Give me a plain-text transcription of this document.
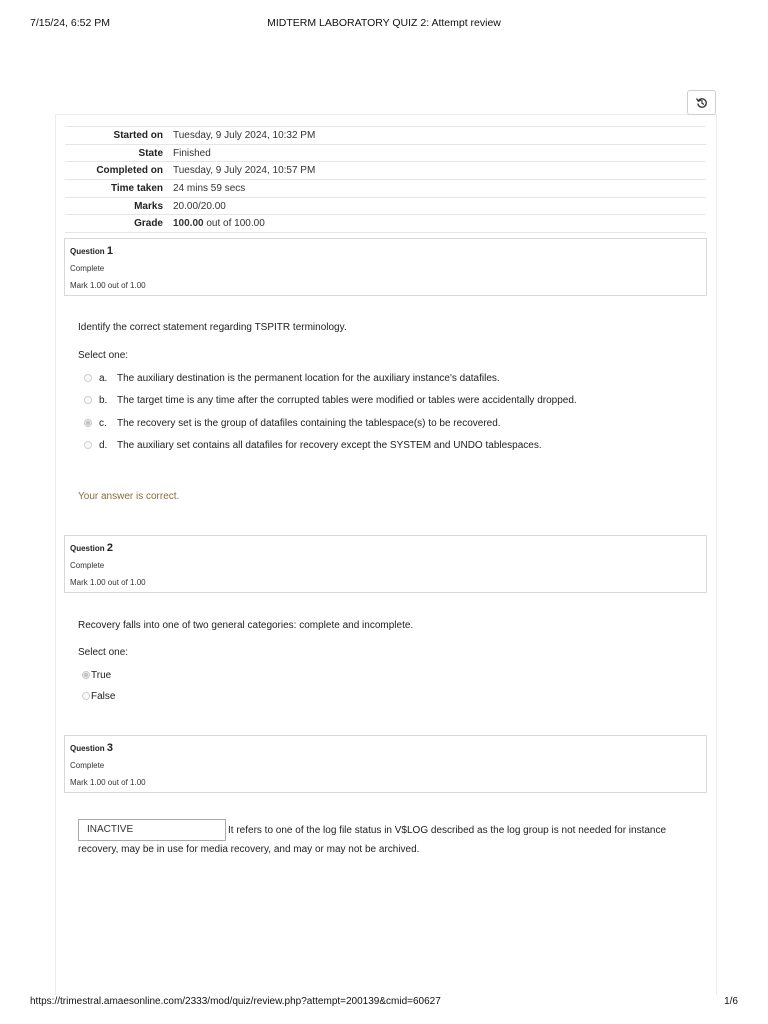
7/15/24, 6:52 PM	MIDTERM LABORATORY QUIZ 2: Attempt review
Started on	Tuesday, 9 July 2024, 10:32 PM
State	Finished
Completed on	Tuesday, 9 July 2024, 10:57 PM
Time taken	24 mins 59 secs
Marks	20.00/20.00
Grade	100.00 out of 100.00
Question 1
Complete
Mark 1.00 out of 1.00
Identify the correct statement regarding TSPITR terminology.
Select one:
a. The auxiliary destination is the permanent location for the auxiliary instance's datafiles.
b. The target time is any time after the corrupted tables were modified or tables were accidentally dropped.
c.	The recovery set is the group of datafiles containing the tablespace(s) to be recovered.
d. The auxiliary set contains all datafiles for recovery except the SYSTEM and UNDO tablespaces.
Your answer is correct.
Question 2
Complete
Mark 1.00 out of 1.00
Recovery falls into one of two general categories: complete and incomplete.
Select one:
True
False
Question 3
Complete
Mark 1.00 out of 1.00
INACTIVE	It refers to one of the log file status in V$LOG described as the log group is not needed for instance
recovery, may be in use for media recovery, and may or may not be archived.
https://trimestral.amaesonline.com/2333/mod/quiz/review.php?attempt=200139&cmid=60627	1/6
